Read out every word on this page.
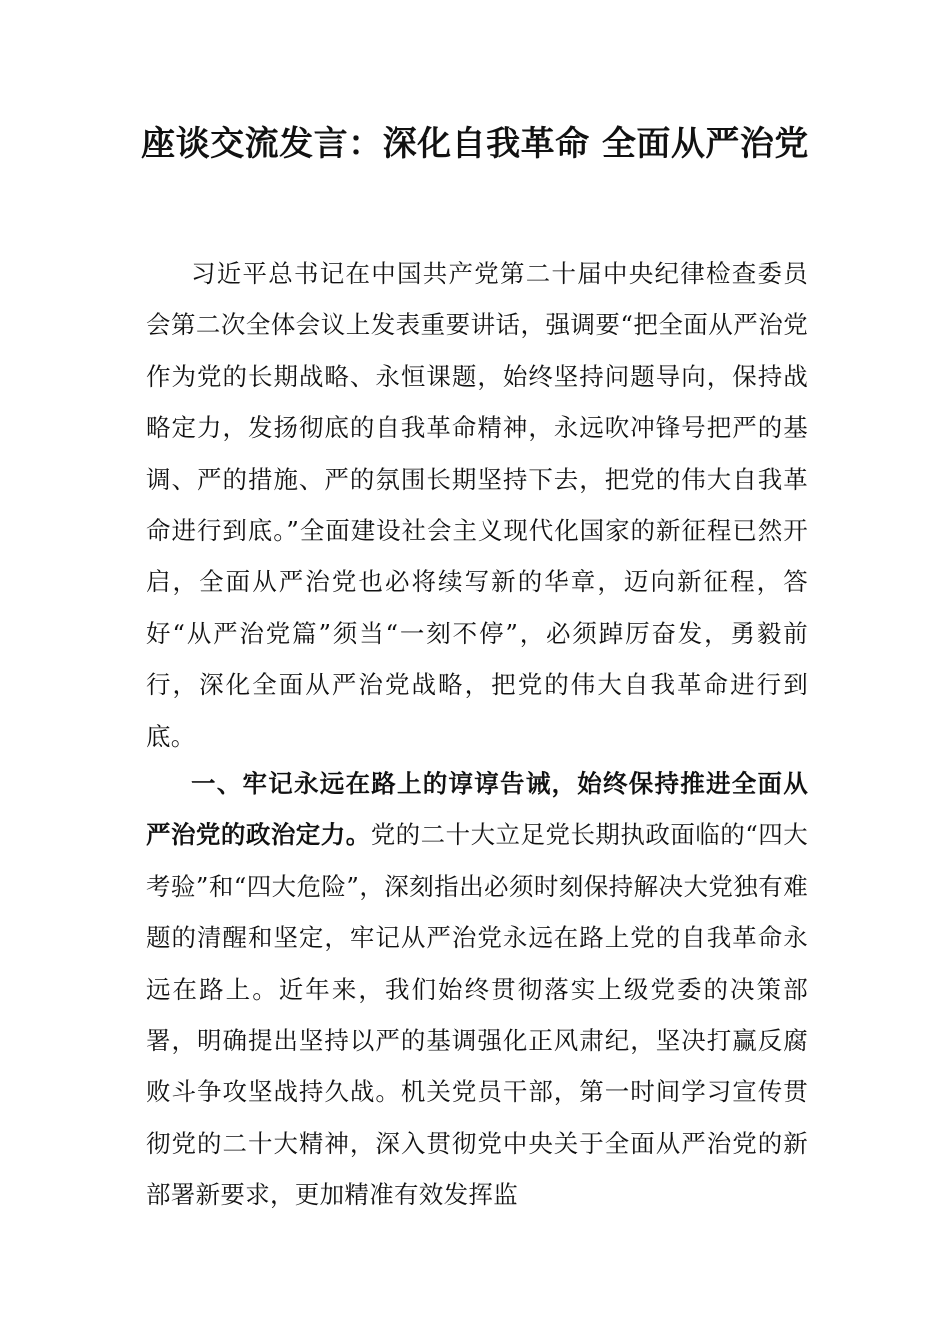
座谈交流发言：深化自我革命 全面从严治党

习近平总书记在中国共产党第二十届中央纪律检查委员会第二次全体会议上发表重要讲话，强调要“把全面从严治党作为党的长期战略、永恒课题，始终坚持问题导向，保持战略定力，发扬彻底的自我革命精神，永远吹冲锋号把严的基调、严的措施、严的氛围长期坚持下去，把党的伟大自我革命进行到底。”全面建设社会主义现代化国家的新征程已然开启，全面从严治党也必将续写新的华章，迈向新征程，答好“从严治党篇”须当“一刻不停”，必须踔厉奋发，勇毅前行，深化全面从严治党战略，把党的伟大自我革命进行到底。

一、牢记永远在路上的谆谆告诫，始终保持推进全面从严治党的政治定力。党的二十大立足党长期执政面临的“四大考验”和“四大危险”，深刻指出必须时刻保持解决大党独有难题的清醒和坚定，牢记从严治党永远在路上党的自我革命永远在路上。近年来，我们始终贯彻落实上级党委的决策部署，明确提出坚持以严的基调强化正风肃纪，坚决打赢反腐败斗争攻坚战持久战。机关党员干部，第一时间学习宣传贯彻党的二十大精神，深入贯彻党中央关于全面从严治党的新部署新要求，更加精准有效发挥监
